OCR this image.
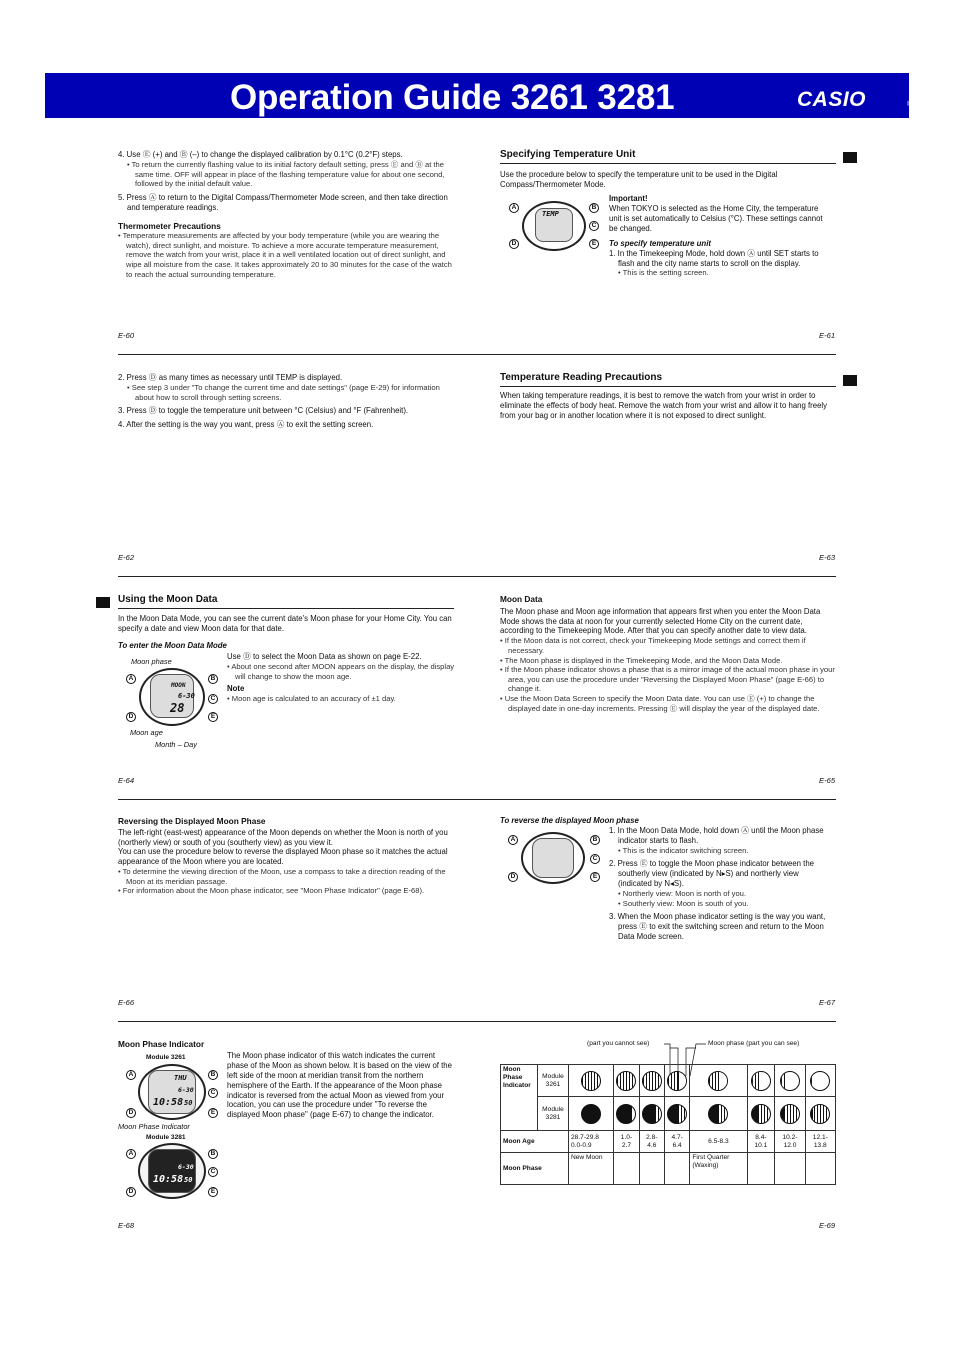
Operation Guide 3261 3281	CASIO	®
4. Use Ⓔ (+) and Ⓑ (–) to change the displayed calibration by 0.1°C (0.2°F) steps.
• To return the currently flashing value to its initial factory default setting, press Ⓔ and Ⓑ at the same time. OFF will appear in place of the flashing temperature value for about one second, followed by the initial default value.
5. Press Ⓐ to return to the Digital Compass/Thermometer Mode screen, and then take direction and temperature readings.
Thermometer Precautions
• Temperature measurements are affected by your body temperature (while you are wearing the watch), direct sunlight, and moisture. To achieve a more accurate temperature measurement, remove the watch from your wrist, place it in a well ventilated location out of direct sunlight, and wipe all moisture from the case. It takes approximately 20 to 30 minutes for the case of the watch to reach the actual surrounding temperature.
E-60
Specifying Temperature Unit
Use the procedure below to specify the temperature unit to be used in the Digital Compass/Thermometer Mode.
TEMP
A	B
C
D	E
Important!
When TOKYO is selected as the Home City, the temperature unit is set automatically to Celsius (°C). These settings cannot be changed.
To specify temperature unit
1. In the Timekeeping Mode, hold down Ⓐ until SET starts to flash and the city name starts to scroll on the display.
• This is the setting screen.
E-61
2. Press Ⓓ as many times as necessary until TEMP is displayed.
• See step 3 under "To change the current time and date settings" (page E-29) for information about how to scroll through setting screens.
3. Press Ⓓ to toggle the temperature unit between °C (Celsius) and °F (Fahrenheit).
4. After the setting is the way you want, press Ⓐ to exit the setting screen.
E-62
Temperature Reading Precautions
When taking temperature readings, it is best to remove the watch from your wrist in order to eliminate the effects of body heat. Remove the watch from your wrist and allow it to hang freely from your bag or in another location where it is not exposed to direct sunlight.
E-63
Using the Moon Data
In the Moon Data Mode, you can see the current date's Moon phase for your Home City. You can specify a date and view Moon data for that date.
To enter the Moon Data Mode
Moon phase
MOON
6-30
28
A	B
C
D	E
Moon age
Month – Day
Use Ⓓ to select the Moon Data as shown on page E-22.
• About one second after MOON appears on the display, the display will change to show the moon age.
Note
• Moon age is calculated to an accuracy of ±1 day.
E-64
Moon Data
The Moon phase and Moon age information that appears first when you enter the Moon Data Mode shows the data at noon for your currently selected Home City on the current date, according to the Timekeeping Mode. After that you can specify another date to view data.
• If the Moon data is not correct, check your Timekeeping Mode settings and correct them if necessary.
• The Moon phase is displayed in the Timekeeping Mode, and the Moon Data Mode.
• If the Moon phase indicator shows a phase that is a mirror image of the actual moon phase in your area, you can use the procedure under "Reversing the Displayed Moon Phase" (page E-66) to change it.
• Use the Moon Data Screen to specify the Moon Data date. You can use Ⓔ (+) to change the displayed date in one-day increments. Pressing Ⓔ will display the year of the displayed date.
E-65
Reversing the Displayed Moon Phase
The left-right (east-west) appearance of the Moon depends on whether the Moon is north of you (northerly view) or south of you (southerly view) as you view it.
You can use the procedure below to reverse the displayed Moon phase so it matches the actual appearance of the Moon where you are located.
• To determine the viewing direction of the Moon, use a compass to take a direction reading of the Moon at its meridian passage.
• For information about the Moon phase indicator, see "Moon Phase Indicator" (page E-68).
E-66
To reverse the displayed Moon phase
A	B
C
D	E
1. In the Moon Data Mode, hold down Ⓐ until the Moon phase indicator starts to flash.
• This is the indicator switching screen.
2. Press Ⓔ to toggle the Moon phase indicator between the southerly view (indicated by N▸S) and northerly view (indicated by N◂S).
• Northerly view: Moon is north of you.
• Southerly view: Moon is south of you.
3. When the Moon phase indicator setting is the way you want, press Ⓔ to exit the switching screen and return to the Moon Data Mode screen.
E-67
Moon Phase Indicator
Module 3261
THU
6-30
10:58 50
A	B
C
D	E
Moon Phase Indicator
Module 3281
6-30
10:58 50
A	B
C
D	E
The Moon phase indicator of this watch indicates the current phase of the Moon as shown below. It is based on the view of the left side of the moon at meridian transit from the northern hemisphere of the Earth. If the appearance of the Moon phase indicator is reversed from the actual Moon as viewed from your location, you can use the procedure under "To reverse the displayed Moon phase" (page E-67) to change the indicator.
E-68
(part you cannot see)	Moon phase (part you can see)
Moon Phase Indicator	Module 3261				

	Module 3281		

Moon Age		28.7-29.8 0.0-0.9	1.0-2.7	2.8-4.6	4.7-6.4	6.5-8.3	8.4-10.1	10.2-12.0	12.1-13.8
Moon Phase		New Moon				First Quarter (Waxing)			
E-69
